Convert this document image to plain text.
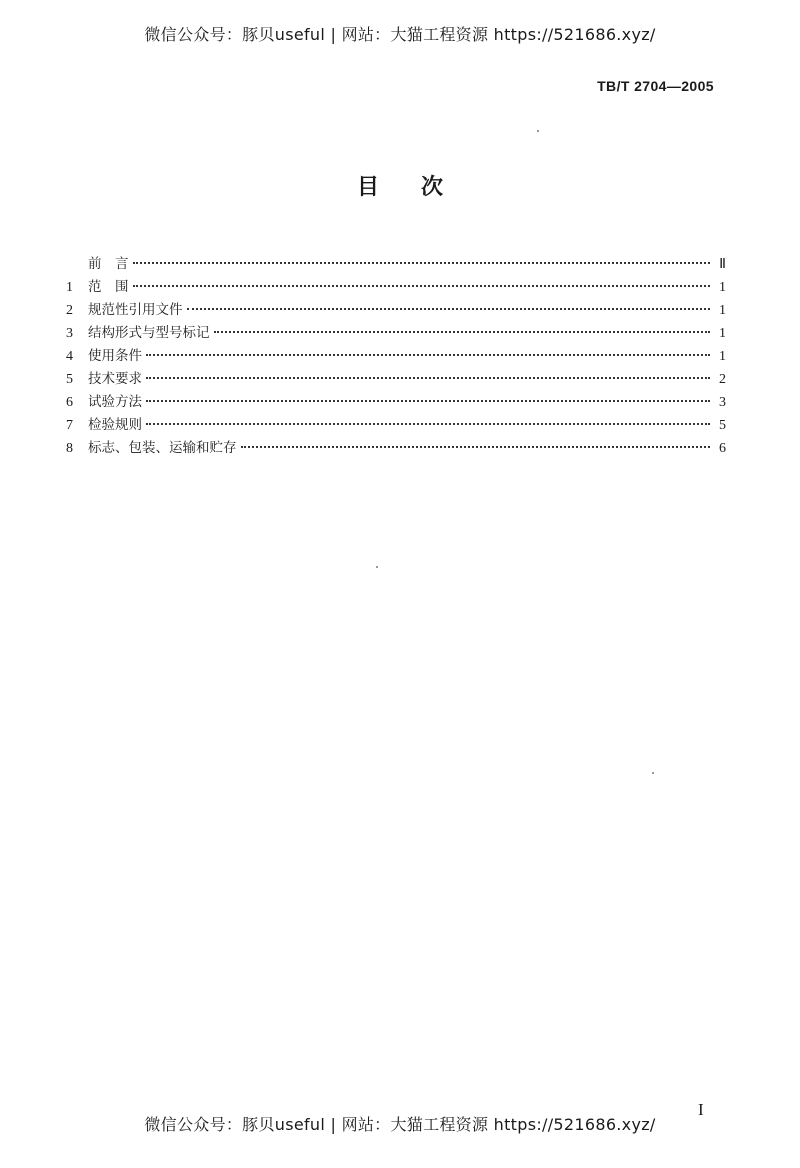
微信公众号：豚贝useful | 网站：大猫工程资源 https://521686.xyz/
TB/T 2704—2005
目次
前　言	Ⅱ
1	范　围	1
2	规范性引用文件	1
3	结构形式与型号标记	1
4	使用条件	1
5	技术要求	2
6	试验方法	3
7	检验规则	5
8	标志、包装、运输和贮存	6
I
微信公众号：豚贝useful | 网站：大猫工程资源 https://521686.xyz/
